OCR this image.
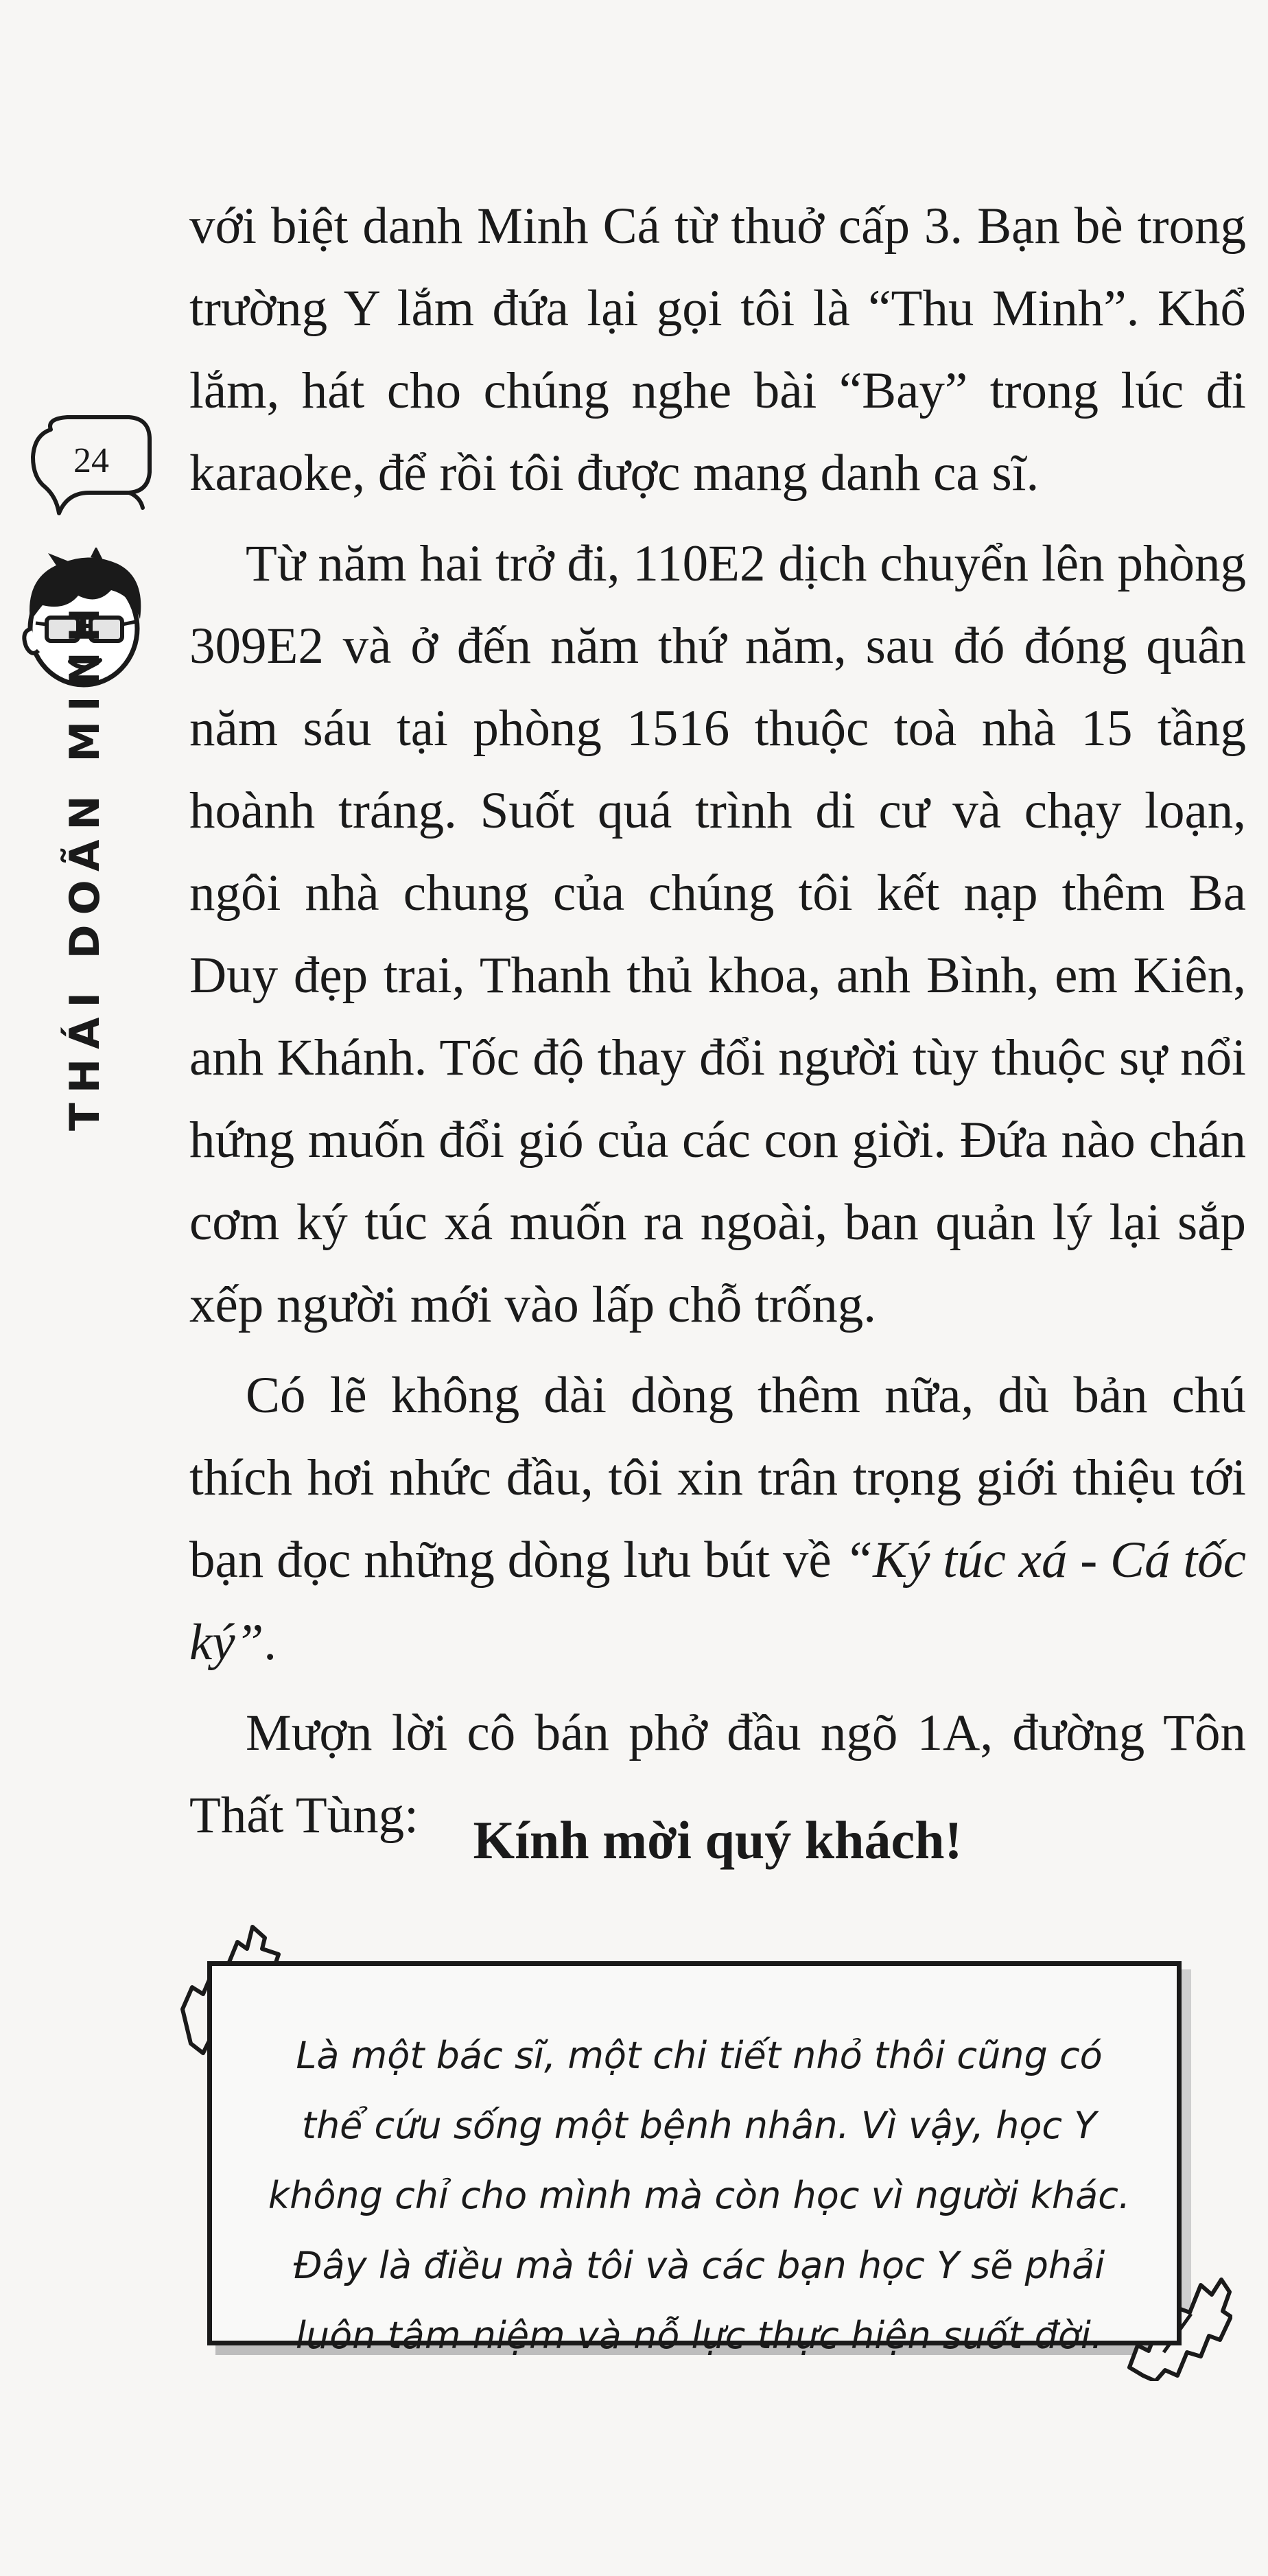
24
THÁI DOÃN MINH

với biệt danh Minh Cá từ thuở cấp 3. Bạn bè trong trường Y lắm đứa lại gọi tôi là “Thu Minh”. Khổ lắm, hát cho chúng nghe bài “Bay” trong lúc đi karaoke, để rồi tôi được mang danh ca sĩ.

Từ năm hai trở đi, 110E2 dịch chuyển lên phòng 309E2 và ở đến năm thứ năm, sau đó đóng quân năm sáu tại phòng 1516 thuộc toà nhà 15 tầng hoành tráng. Suốt quá trình di cư và chạy loạn, ngôi nhà chung của chúng tôi kết nạp thêm Ba Duy đẹp trai, Thanh thủ khoa, anh Bình, em Kiên, anh Khánh. Tốc độ thay đổi người tùy thuộc sự nổi hứng muốn đổi gió của các con giời. Đứa nào chán cơm ký túc xá muốn ra ngoài, ban quản lý lại sắp xếp người mới vào lấp chỗ trống.

Có lẽ không dài dòng thêm nữa, dù bản chú thích hơi nhức đầu, tôi xin trân trọng giới thiệu tới bạn đọc những dòng lưu bút về “Ký túc xá - Cá tốc ký”.

Mượn lời cô bán phở đầu ngõ 1A, đường Tôn Thất Tùng:	Kính mời quý khách!

Là một bác sĩ, một chi tiết nhỏ thôi cũng có thể cứu sống một bệnh nhân. Vì vậy, học Y không chỉ cho mình mà còn học vì người khác. Đây là điều mà tôi và các bạn học Y sẽ phải luôn tâm niệm và nỗ lực thực hiện suốt đời.
